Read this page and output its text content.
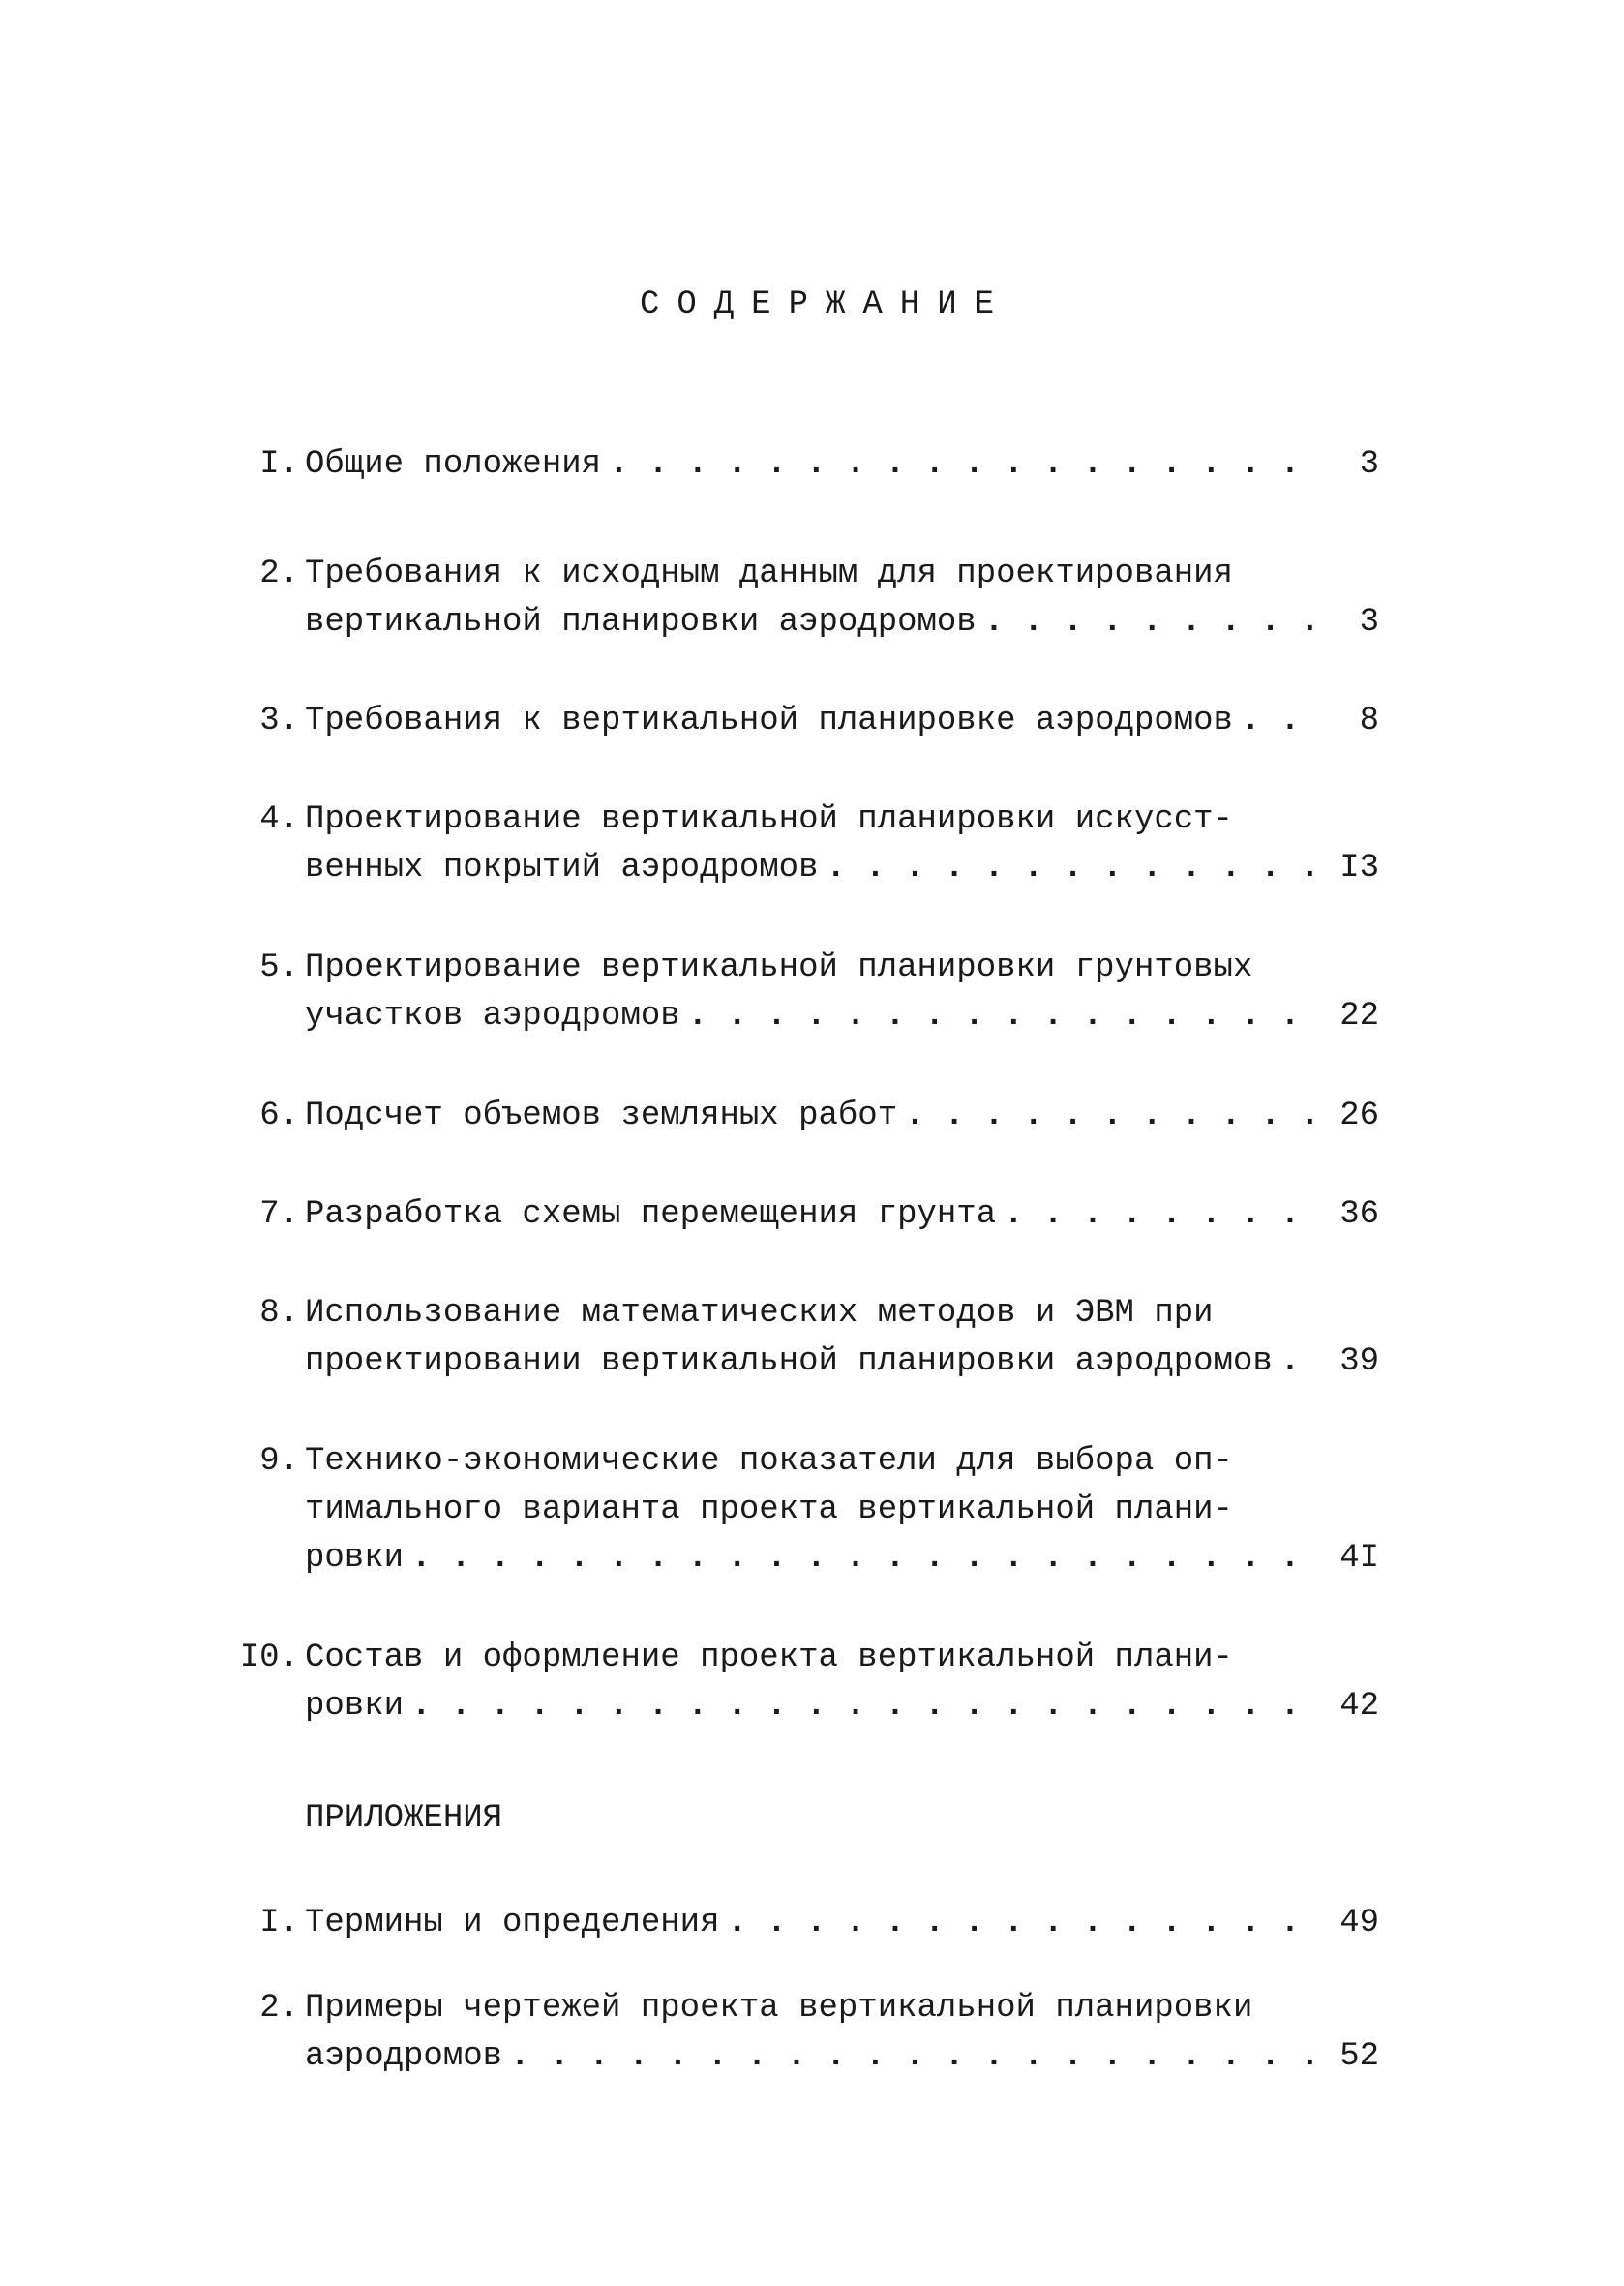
СОДЕРЖАНИЕ
I. Общие положения . . .	3
2. Требования к исходным данным для проектирования
вертикальной планировки аэродромов . . .	3
3. Требования к вертикальной планировке аэродромов . . .	8
4. Проектирование вертикальной планировки искусст-
венных покрытий аэродромов . . .	I3
5. Проектирование вертикальной планировки грунтовых
участков аэродромов . . .	22
6. Подсчет объемов земляных работ . . .	26
7. Разработка схемы перемещения грунта . . .	36
8. Использование математических методов и ЭВМ при
проектировании вертикальной планировки аэродромов . . .	39
9. Технико-экономические показатели для выбора оп-
тимального варианта проекта вертикальной плани-
ровки . . .	4I
I0. Состав и оформление проекта вертикальной плани-
ровки . . .	42
ПРИЛОЖЕНИЯ
I. Термины и определения . . .	49
2. Примеры чертежей проекта вертикальной планировки
аэродромов . . .	52
